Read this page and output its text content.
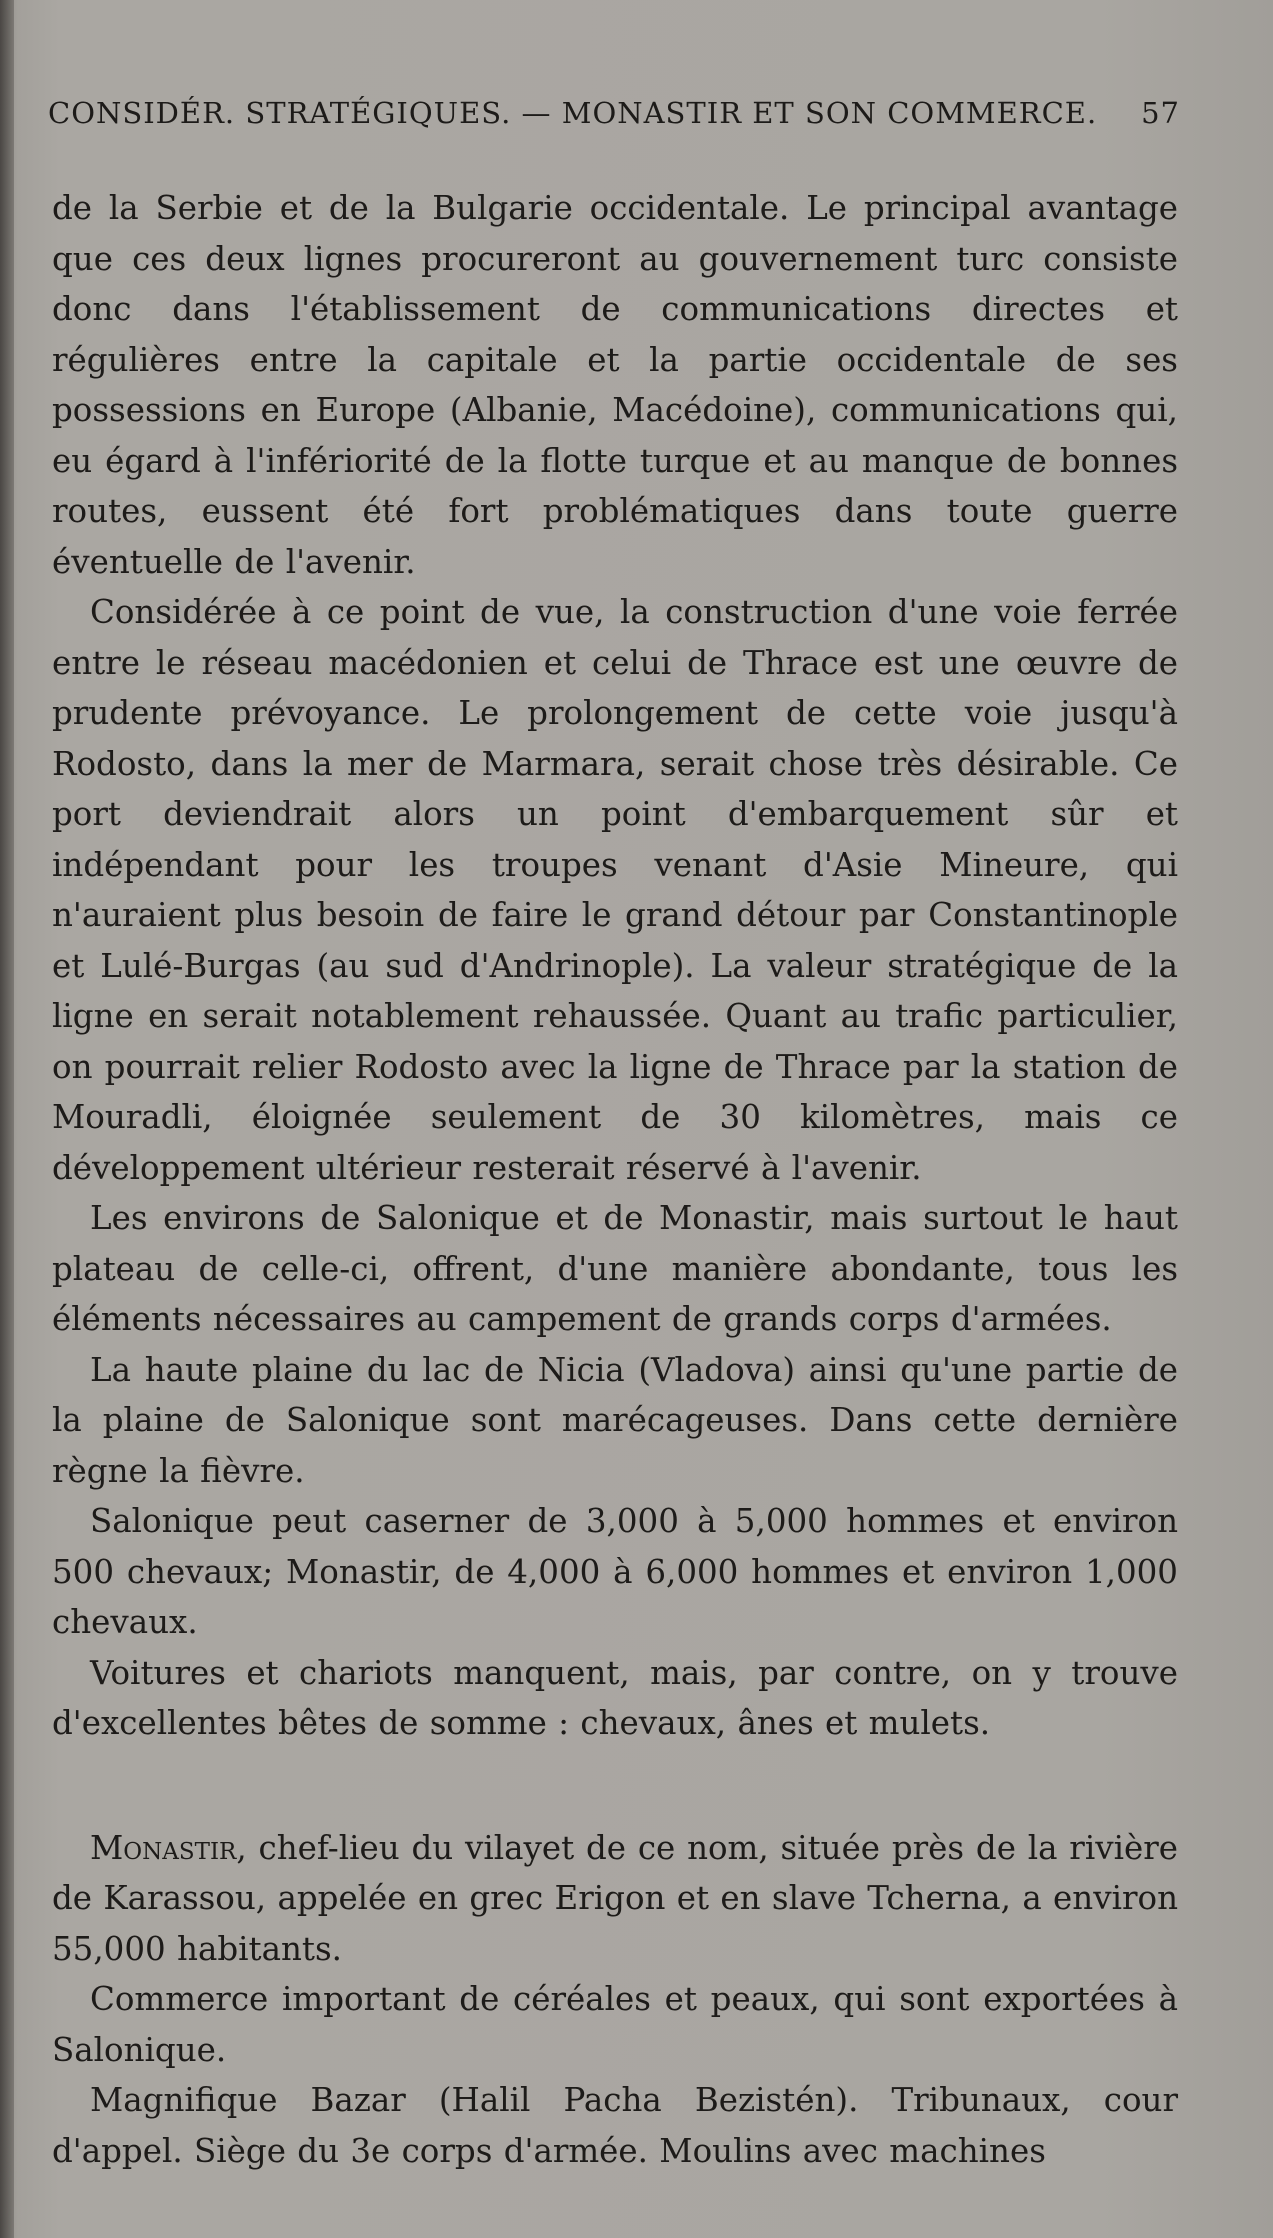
CONSIDÉR. STRATÉGIQUES. — MONASTIR ET SON COMMERCE. 57

de la Serbie et de la Bulgarie occidentale. Le principal avantage que ces deux lignes procureront au gouvernement turc consiste donc dans l'établissement de communications directes et régulières entre la capitale et la partie occidentale de ses possessions en Europe (Albanie, Macédoine), communications qui, eu égard à l'infériorité de la flotte turque et au manque de bonnes routes, eussent été fort problématiques dans toute guerre éventuelle de l'avenir.

Considérée à ce point de vue, la construction d'une voie ferrée entre le réseau macédonien et celui de Thrace est une œuvre de prudente prévoyance. Le prolongement de cette voie jusqu'à Rodosto, dans la mer de Marmara, serait chose très désirable. Ce port deviendrait alors un point d'embarquement sûr et indépendant pour les troupes venant d'Asie Mineure, qui n'auraient plus besoin de faire le grand détour par Constantinople et Lulé-Burgas (au sud d'Andrinople). La valeur stratégique de la ligne en serait notablement rehaussée. Quant au trafic particulier, on pourrait relier Rodosto avec la ligne de Thrace par la station de Mouradli, éloignée seulement de 30 kilomètres, mais ce développement ultérieur resterait réservé à l'avenir.

Les environs de Salonique et de Monastir, mais surtout le haut plateau de celle-ci, offrent, d'une manière abondante, tous les éléments nécessaires au campement de grands corps d'armées.

La haute plaine du lac de Nicia (Vladova) ainsi qu'une partie de la plaine de Salonique sont marécageuses. Dans cette dernière règne la fièvre.

Salonique peut caserner de 3,000 à 5,000 hommes et environ 500 chevaux; Monastir, de 4,000 à 6,000 hommes et environ 1,000 chevaux.

Voitures et chariots manquent, mais, par contre, on y trouve d'excellentes bêtes de somme : chevaux, ânes et mulets.

Monastir, chef-lieu du vilayet de ce nom, située près de la rivière de Karassou, appelée en grec Erigon et en slave Tcherna, a environ 55,000 habitants.

Commerce important de céréales et peaux, qui sont exportées à Salonique.

Magnifique Bazar (Halil Pacha Bezistén). Tribunaux, cour d'appel. Siège du 3e corps d'armée. Moulins avec machines
